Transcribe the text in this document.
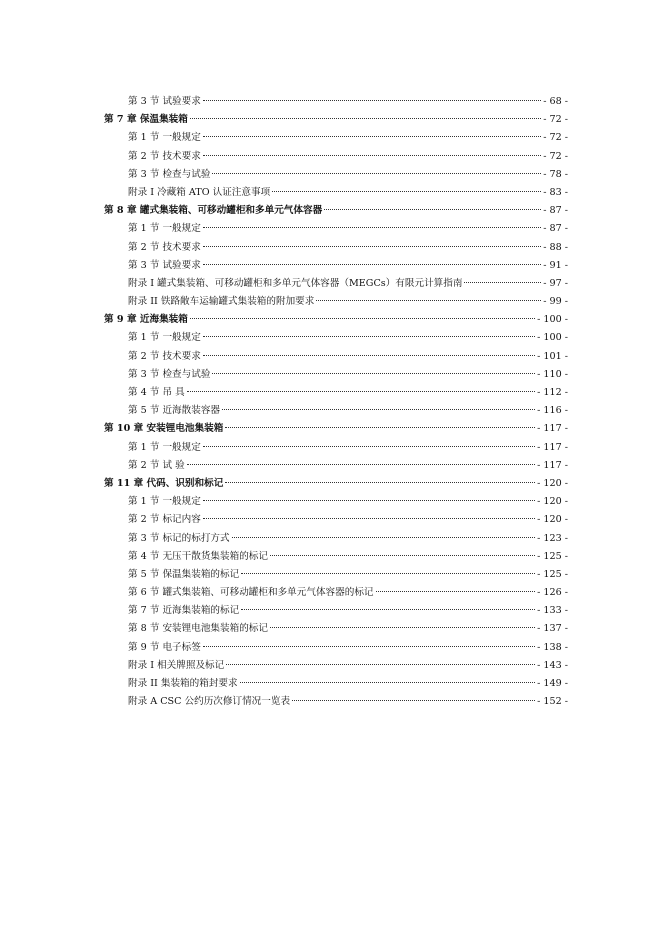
第 3 节 试验要求	- 68 -
第 7 章 保温集装箱	- 72 -
第 1 节 一般规定	- 72 -
第 2 节 技术要求	- 72 -
第 3 节 检查与试验	- 78 -
附录 I 冷藏箱 ATO 认证注意事项	- 83 -
第 8 章 罐式集装箱、可移动罐柜和多单元气体容器	- 87 -
第 1 节 一般规定	- 87 -
第 2 节 技术要求	- 88 -
第 3 节 试验要求	- 91 -
附录 I 罐式集装箱、可移动罐柜和多单元气体容器（MEGCs）有限元计算指南	- 97 -
附录 II 铁路敞车运输罐式集装箱的附加要求	- 99 -
第 9 章 近海集装箱	- 100 -
第 1 节 一般规定	- 100 -
第 2 节 技术要求	- 101 -
第 3 节 检查与试验	- 110 -
第 4 节 吊 具	- 112 -
第 5 节 近海散装容器	- 116 -
第 10 章 安装锂电池集装箱	- 117 -
第 1 节 一般规定	- 117 -
第 2 节 试 验	- 117 -
第 11 章 代码、识别和标记	- 120 -
第 1 节 一般规定	- 120 -
第 2 节 标记内容	- 120 -
第 3 节 标记的标打方式	- 123 -
第 4 节 无压干散货集装箱的标记	- 125 -
第 5 节 保温集装箱的标记	- 125 -
第 6 节 罐式集装箱、可移动罐柜和多单元气体容器的标记	- 126 -
第 7 节 近海集装箱的标记	- 133 -
第 8 节 安装锂电池集装箱的标记	- 137 -
第 9 节 电子标签	- 138 -
附录 I 相关牌照及标记	- 143 -
附录 II 集装箱的箱封要求	- 149 -
附录 A CSC 公约历次修订情况一览表	- 152 -
